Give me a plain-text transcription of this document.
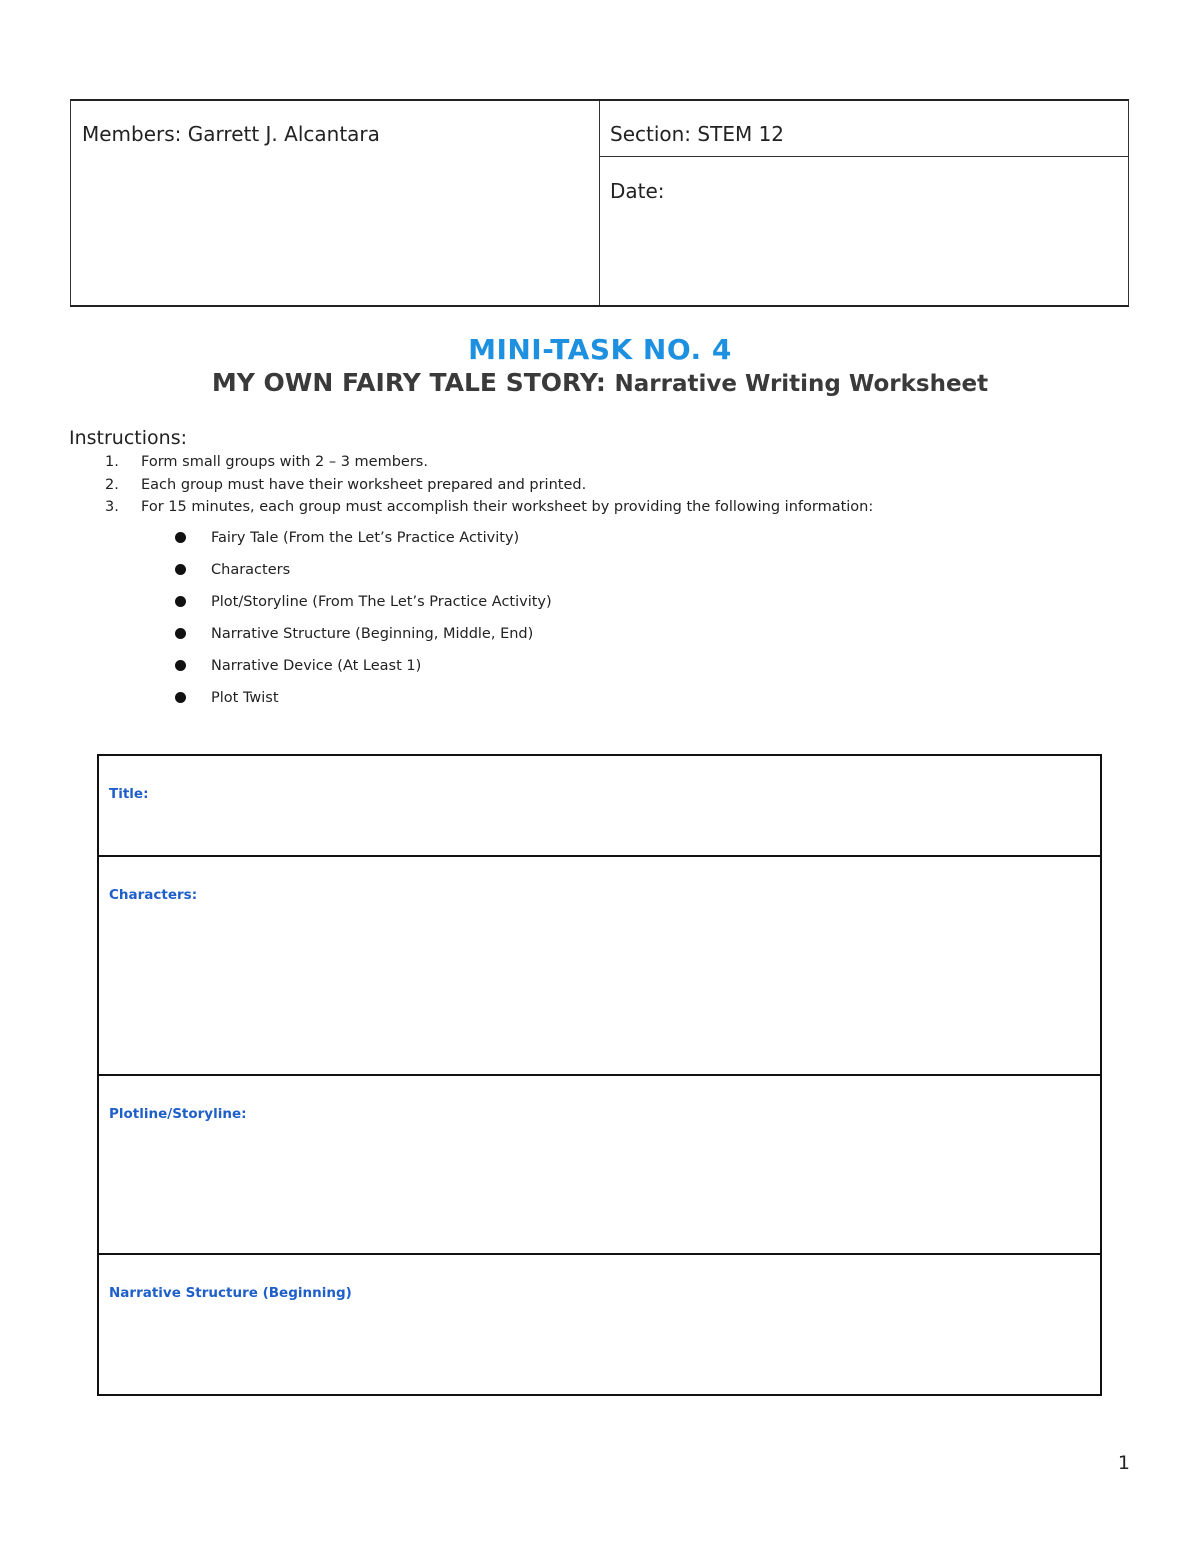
Members: Garrett J. Alcantara	Section: STEM 12
Date:
MINI-TASK NO. 4
MY OWN FAIRY TALE STORY: Narrative Writing Worksheet
Instructions:
1. Form small groups with 2 – 3 members.
2. Each group must have their worksheet prepared and printed.
3. For 15 minutes, each group must accomplish their worksheet by providing the following information:
Fairy Tale (From the Let’s Practice Activity)
Characters
Plot/Storyline (From The Let’s Practice Activity)
Narrative Structure (Beginning, Middle, End)
Narrative Device (At Least 1)
Plot Twist
Title:
Characters:
Plotline/Storyline:
Narrative Structure (Beginning)
1
